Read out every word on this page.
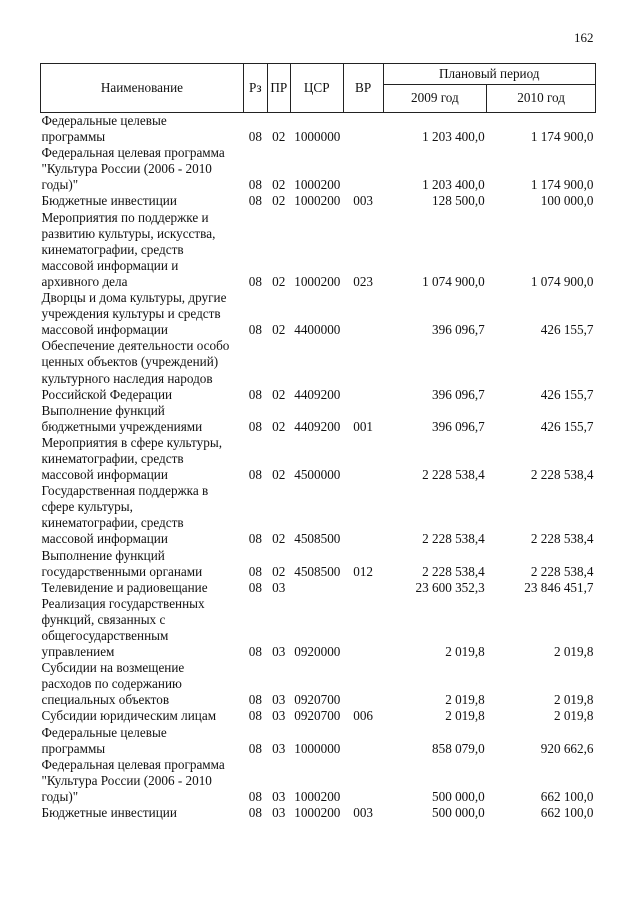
162
Наименование	Рз	ПР	ЦСР	ВР	Плановый период	
					2009 год	2010 год

Федеральные целевые
программы	08	02	1000000		1 203 400,0	1 174 900,0

Федеральная целевая программа
"Культура России (2006 - 2010
годы)"	08	02	1000200		1 203 400,0	1 174 900,0

Бюджетные инвестиции	08	02	1000200	003	128 500,0	100 000,0

Мероприятия по поддержке и
развитию культуры, искусства,
кинематографии, средств
массовой информации и
архивного дела	08	02	1000200	023	1 074 900,0	1 074 900,0

Дворцы и дома культуры, другие
учреждения культуры и средств
массовой информации	08	02	4400000		396 096,7	426 155,7

Обеспечение деятельности особо
ценных объектов (учреждений)
культурного наследия народов
Российской Федерации	08	02	4409200		396 096,7	426 155,7

Выполнение функций
бюджетными учреждениями	08	02	4409200	001	396 096,7	426 155,7

Мероприятия в сфере культуры,
кинематографии, средств
массовой информации	08	02	4500000		2 228 538,4	2 228 538,4

Государственная поддержка в
сфере культуры,
кинематографии, средств
массовой информации	08	02	4508500		2 228 538,4	2 228 538,4

Выполнение функций
государственными органами	08	02	4508500	012	2 228 538,4	2 228 538,4

Телевидение и радиовещание	08	03			23 600 352,3	23 846 451,7

Реализация государственных
функций, связанных с
общегосударственным
управлением	08	03	0920000		2 019,8	2 019,8

Субсидии на возмещение
расходов по содержанию
специальных объектов	08	03	0920700		2 019,8	2 019,8

Субсидии юридическим лицам	08	03	0920700	006	2 019,8	2 019,8

Федеральные целевые
программы	08	03	1000000		858 079,0	920 662,6

Федеральная целевая программа
"Культура России (2006 - 2010
годы)"	08	03	1000200		500 000,0	662 100,0

Бюджетные инвестиции	08	03	1000200	003	500 000,0	662 100,0
